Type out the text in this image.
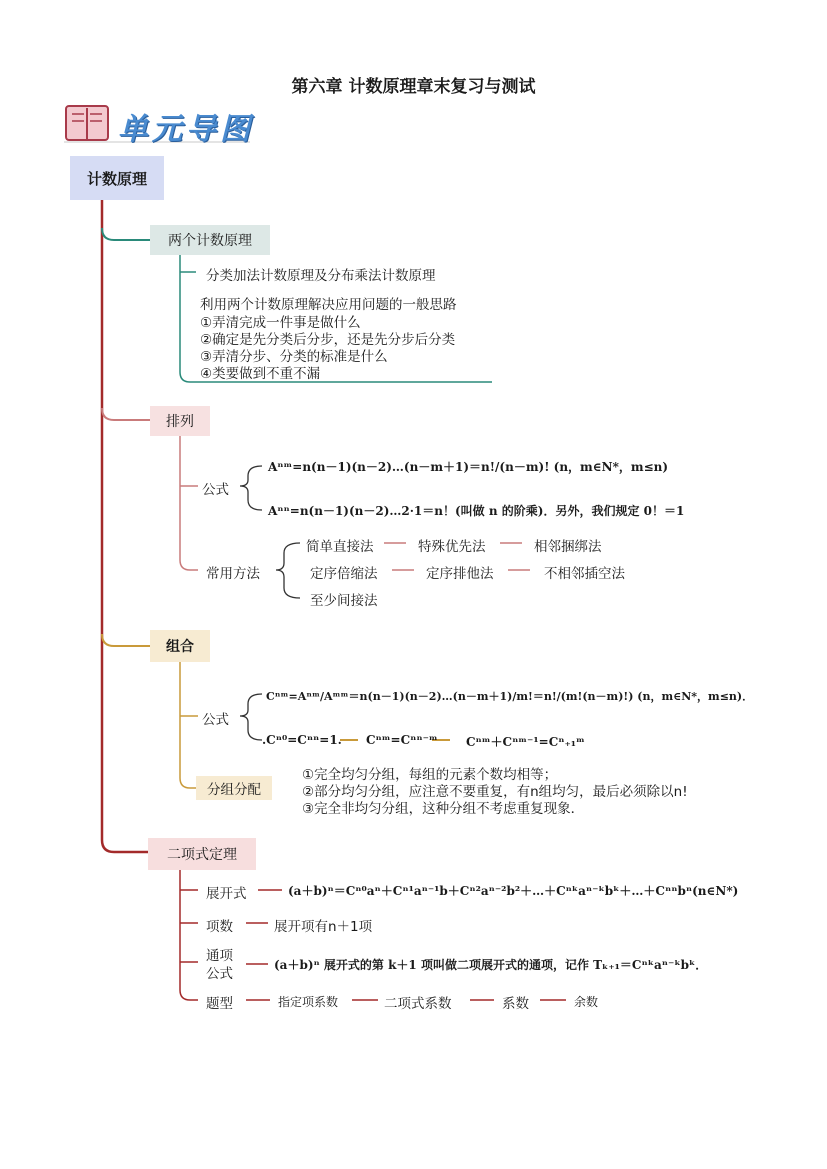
第六章 计数原理章末复习与测试
单元导图
计数原理
两个计数原理
分类加法计数原理及分布乘法计数原理
利用两个计数原理解决应用问题的一般思路
①弄清完成一件事是做什么
②确定是先分类后分步，还是先分步后分类
③弄清分步、分类的标准是什么
④类要做到不重不漏
排列
公式
Aⁿᵐ=n(n－1)(n－2)…(n－m＋1)＝n!/(n－m)! (n，m∈N*，m≤n)
Aⁿⁿ=n(n－1)(n－2)…2·1＝n！(叫做 n 的阶乘)．另外，我们规定 0！＝1
常用方法
简单直接法	特殊优先法	相邻捆绑法
定序倍缩法	定序排他法	不相邻插空法
至少间接法
组合
公式
Cⁿᵐ=Aⁿᵐ/Aᵐᵐ＝n(n－1)(n－2)…(n－m＋1)/m!＝n!/(m!(n－m)!) (n，m∈N*，m≤n)．
.Cⁿ⁰=Cⁿⁿ=1. Cⁿᵐ=Cⁿⁿ⁻ᵐ Cⁿᵐ＋Cⁿᵐ⁻¹=Cⁿ₊₁ᵐ
分组分配
①完全均匀分组，每组的元素个数均相等；
②部分均匀分组，应注意不要重复，有n组均匀，最后必须除以n!
③完全非均匀分组，这种分组不考虑重复现象．
二项式定理
展开式	(a＋b)ⁿ＝Cⁿ⁰aⁿ＋Cⁿ¹aⁿ⁻¹b＋Cⁿ²aⁿ⁻²b²＋…＋Cⁿᵏaⁿ⁻ᵏbᵏ＋…＋Cⁿⁿbⁿ(n∈N*)
项数	展开项有n＋1项
通项
公式
(a＋b)ⁿ 展开式的第 k＋1 项叫做二项展开式的通项，记作 Tₖ₊₁＝Cⁿᵏaⁿ⁻ᵏbᵏ．
题型	指定项系数	二项式系数	系数	余数
